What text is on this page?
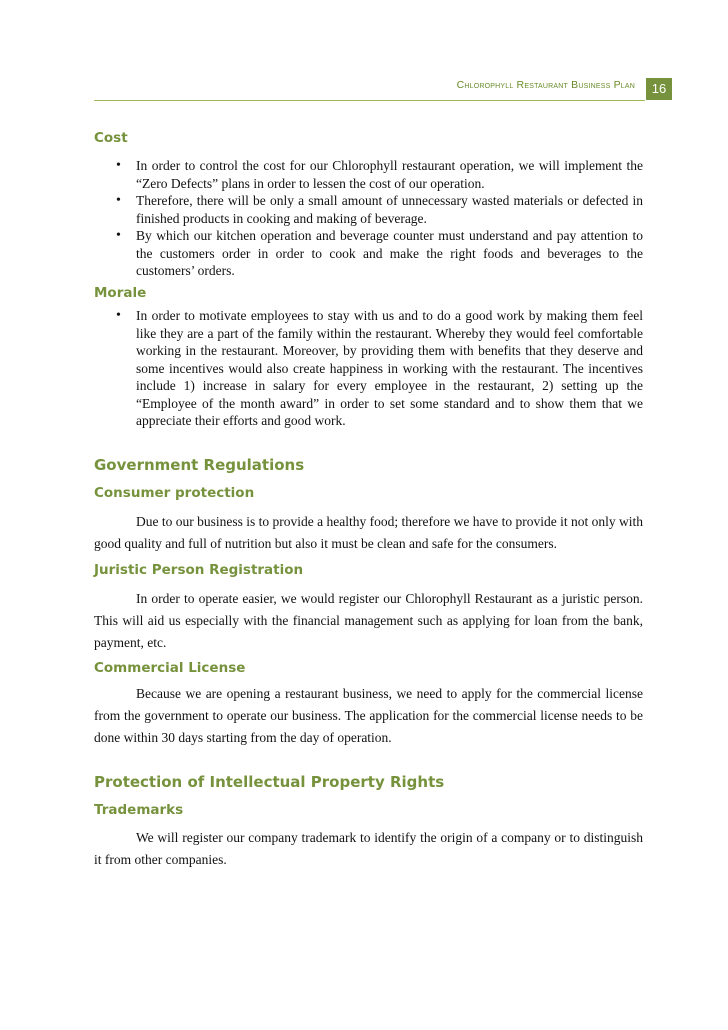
Chlorophyll Restaurant Business Plan	16
Cost
• In order to control the cost for our Chlorophyll restaurant operation, we will implement the “Zero Defects” plans in order to lessen the cost of our operation.
• Therefore, there will be only a small amount of unnecessary wasted materials or defected in finished products in cooking and making of beverage.
• By which our kitchen operation and beverage counter must understand and pay attention to the customers order in order to cook and make the right foods and beverages to the customers’ orders.
Morale
• In order to motivate employees to stay with us and to do a good work by making them feel like they are a part of the family within the restaurant. Whereby they would feel comfortable working in the restaurant. Moreover, by providing them with benefits that they deserve and some incentives would also create happiness in working with the restaurant. The incentives include 1) increase in salary for every employee in the restaurant, 2) setting up the “Employee of the month award” in order to set some standard and to show them that we appreciate their efforts and good work.
Government Regulations
Consumer protection

Due to our business is to provide a healthy food; therefore we have to provide it not only with good quality and full of nutrition but also it must be clean and safe for the consumers.

Juristic Person Registration

In order to operate easier, we would register our Chlorophyll Restaurant as a juristic person. This will aid us especially with the financial management such as applying for loan from the bank, payment, etc.

Commercial License

Because we are opening a restaurant business, we need to apply for the commercial license from the government to operate our business. The application for the commercial license needs to be done within 30 days starting from the day of operation.

Protection of Intellectual Property Rights
Trademarks

We will register our company trademark to identify the origin of a company or to distinguish it from other companies.
